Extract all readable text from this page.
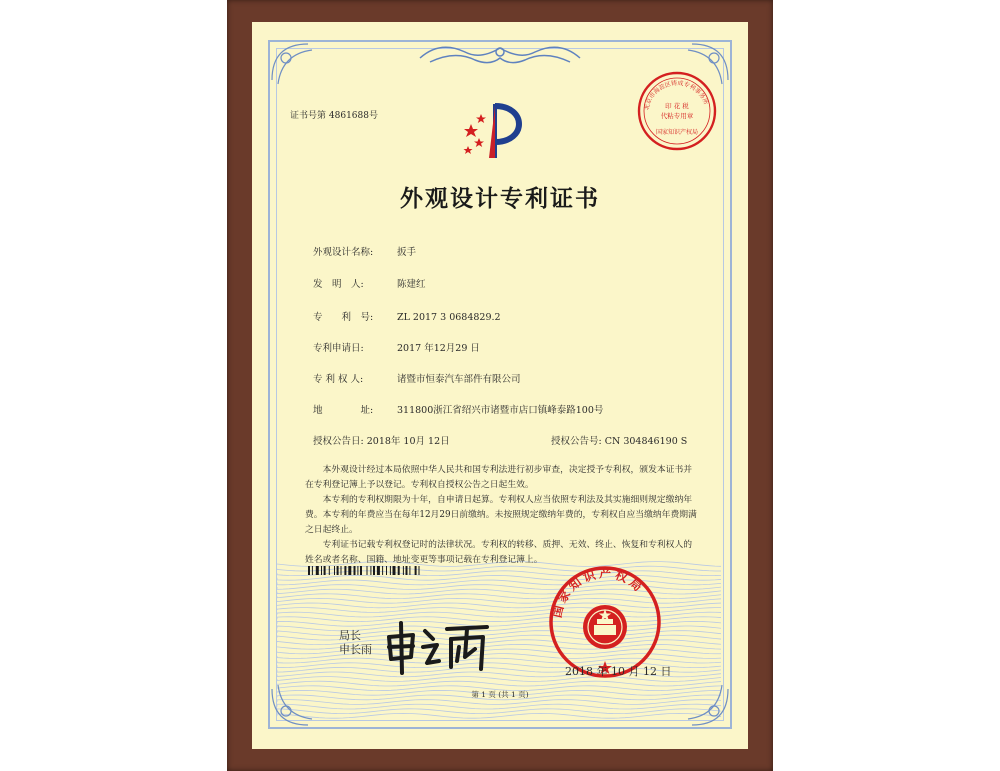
证书号第 4861688号
北京市海淀区铸成专利事务所
印 花 税
代粘专用章
国家知识产权局
外观设计专利证书
外观设计名称:	扳手
发　明　人:	陈建红
专　　利　号:	ZL 2017 3 0684829.2
专利申请日:	2017 年12月29 日
专 利 权 人:	诸暨市恒泰汽车部件有限公司
地　　　　址:	311800浙江省绍兴市诸暨市店口镇峰泰路100号
授权公告日: 2018年 10月 12日	授权公告号: CN 304846190 S

本外观设计经过本局依照中华人民共和国专利法进行初步审查，决定授予专利权，颁发本证书并在专利登记簿上予以登记。专利权自授权公告之日起生效。

本专利的专利权期限为十年，自申请日起算。专利权人应当依照专利法及其实施细则规定缴纳年费。本专利的年费应当在每年12月29日前缴纳。未按照规定缴纳年费的，专利权自应当缴纳年费期满之日起终止。

专利证书记载专利权登记时的法律状况。专利权的转移、质押、无效、终止、恢复和专利权人的姓名或者名称、国籍、地址变更等事项记载在专利登记簿上。

国家知识产权局
局长
申长雨
2018 年 10 月 12 日
第 1 页 (共 1 页)
